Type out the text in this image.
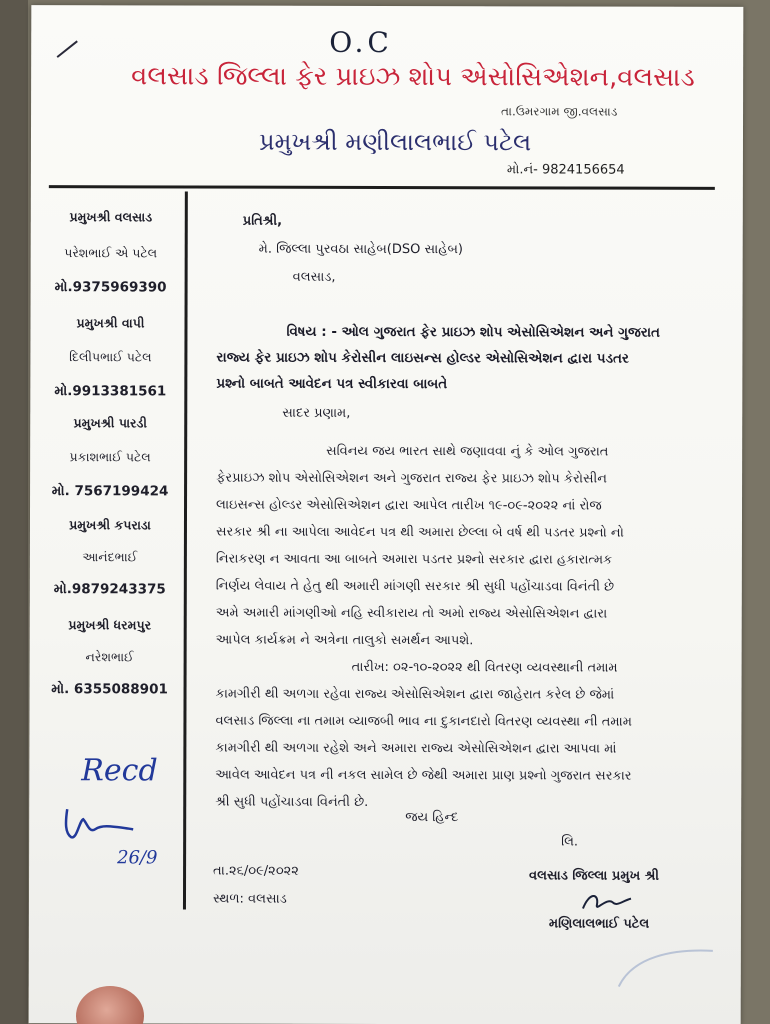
O.C
વલસાડ જિલ્લા ફેર પ્રાઇઝ શોપ એસોસિએશન,વલસાડ
તા.ઉમરગામ જી.વલસાડ
પ્રમુખશ્રી મણીલાલભાઈ પટેલ
મો.નં- 9824156654
પ્રમુખશ્રી વલસાડ
પરેશભાઈ એ પટેલ
મો.9375969390
પ્રમુખશ્રી વાપી
દિલીપભાઈ પટેલ
મો.9913381561
પ્રમુખશ્રી પારડી
પ્રકાશભાઈ પટેલ
મો. 7567199424
પ્રમુખશ્રી કપરાડા
આનંદભાઈ
મો.9879243375
પ્રમુખશ્રી ધરમપુર
નરેશભાઈ
મો. 6355088901
Recd
26/9
પ્રતિશ્રી,
મે. જિલ્લા પુરવઠા સાહેબ(DSO સાહેબ)
વલસાડ,
વિષય : - ઓલ ગુજરાત ફેર પ્રાઇઝ શોપ એસોસિએશન અને ગુજરાત
રાજ્ય ફેર પ્રાઇઝ શોપ કેરોસીન લાઇસન્સ હોલ્ડર એસોસિએશન દ્વારા પડતર
પ્રશ્નો બાબતે આવેદન પત્ર સ્વીકારવા બાબતે
સાદર પ્રણામ,
સવિનય જય ભારત સાથે જણાવવા નું કે ઓલ ગુજરાત
ફેરપ્રાઇઝ શોપ એસોસિએશન અને ગુજરાત રાજ્ય ફેર પ્રાઇઝ શોપ કેરોસીન
લાઇસન્સ હોલ્ડર એસોસિએશન દ્વારા આપેલ તારીખ ૧૯-૦૯-૨૦૨૨ નાં રોજ
સરકાર શ્રી ના આપેલા આવેદન પત્ર થી અમારા છેલ્લા બે વર્ષ થી પડતર પ્રશ્નો નો
નિરાકરણ ન આવતા આ બાબતે અમારા પડતર પ્રશ્નો સરકાર દ્વારા હકારાત્મક
નિર્ણય લેવાય તે હેતુ થી અમારી માંગણી સરકાર શ્રી સુધી પહોંચાડવા વિનંતી છે
અમે અમારી માંગણીઓ નહિ સ્વીકારાય તો અમો રાજ્ય એસોસિએશન દ્વારા
આપેલ કાર્યક્રમ ને અત્રેના તાલુકો સમર્થન આપશે.
તારીખ: ૦૨-૧૦-૨૦૨૨ થી વિતરણ વ્યવસ્થાની તમામ
કામગીરી થી અળગા રહેવા રાજ્ય એસોસિએશન દ્વારા જાહેરાત કરેલ છે જેમાં
વલસાડ જિલ્લા ના તમામ વ્યાજબી ભાવ ના દુકાનદારો વિતરણ વ્યવસ્થા ની તમામ
કામગીરી થી અળગા રહેશે અને અમારા રાજ્ય એસોસિએશન દ્વારા આપવા માં
આવેલ આવેદન પત્ર ની નકલ સામેલ છે જેથી અમારા પ્રાણ પ્રશ્નો ગુજરાત સરકાર
શ્રી સુધી પહોંચાડવા વિનંતી છે.
જય હિન્દ
લિ.
તા.૨૬/૦૯/૨૦૨૨
સ્થળ: વલસાડ
વલસાડ જિલ્લા પ્રમુખ શ્રી
મણિલાલભાઈ પટેલ
